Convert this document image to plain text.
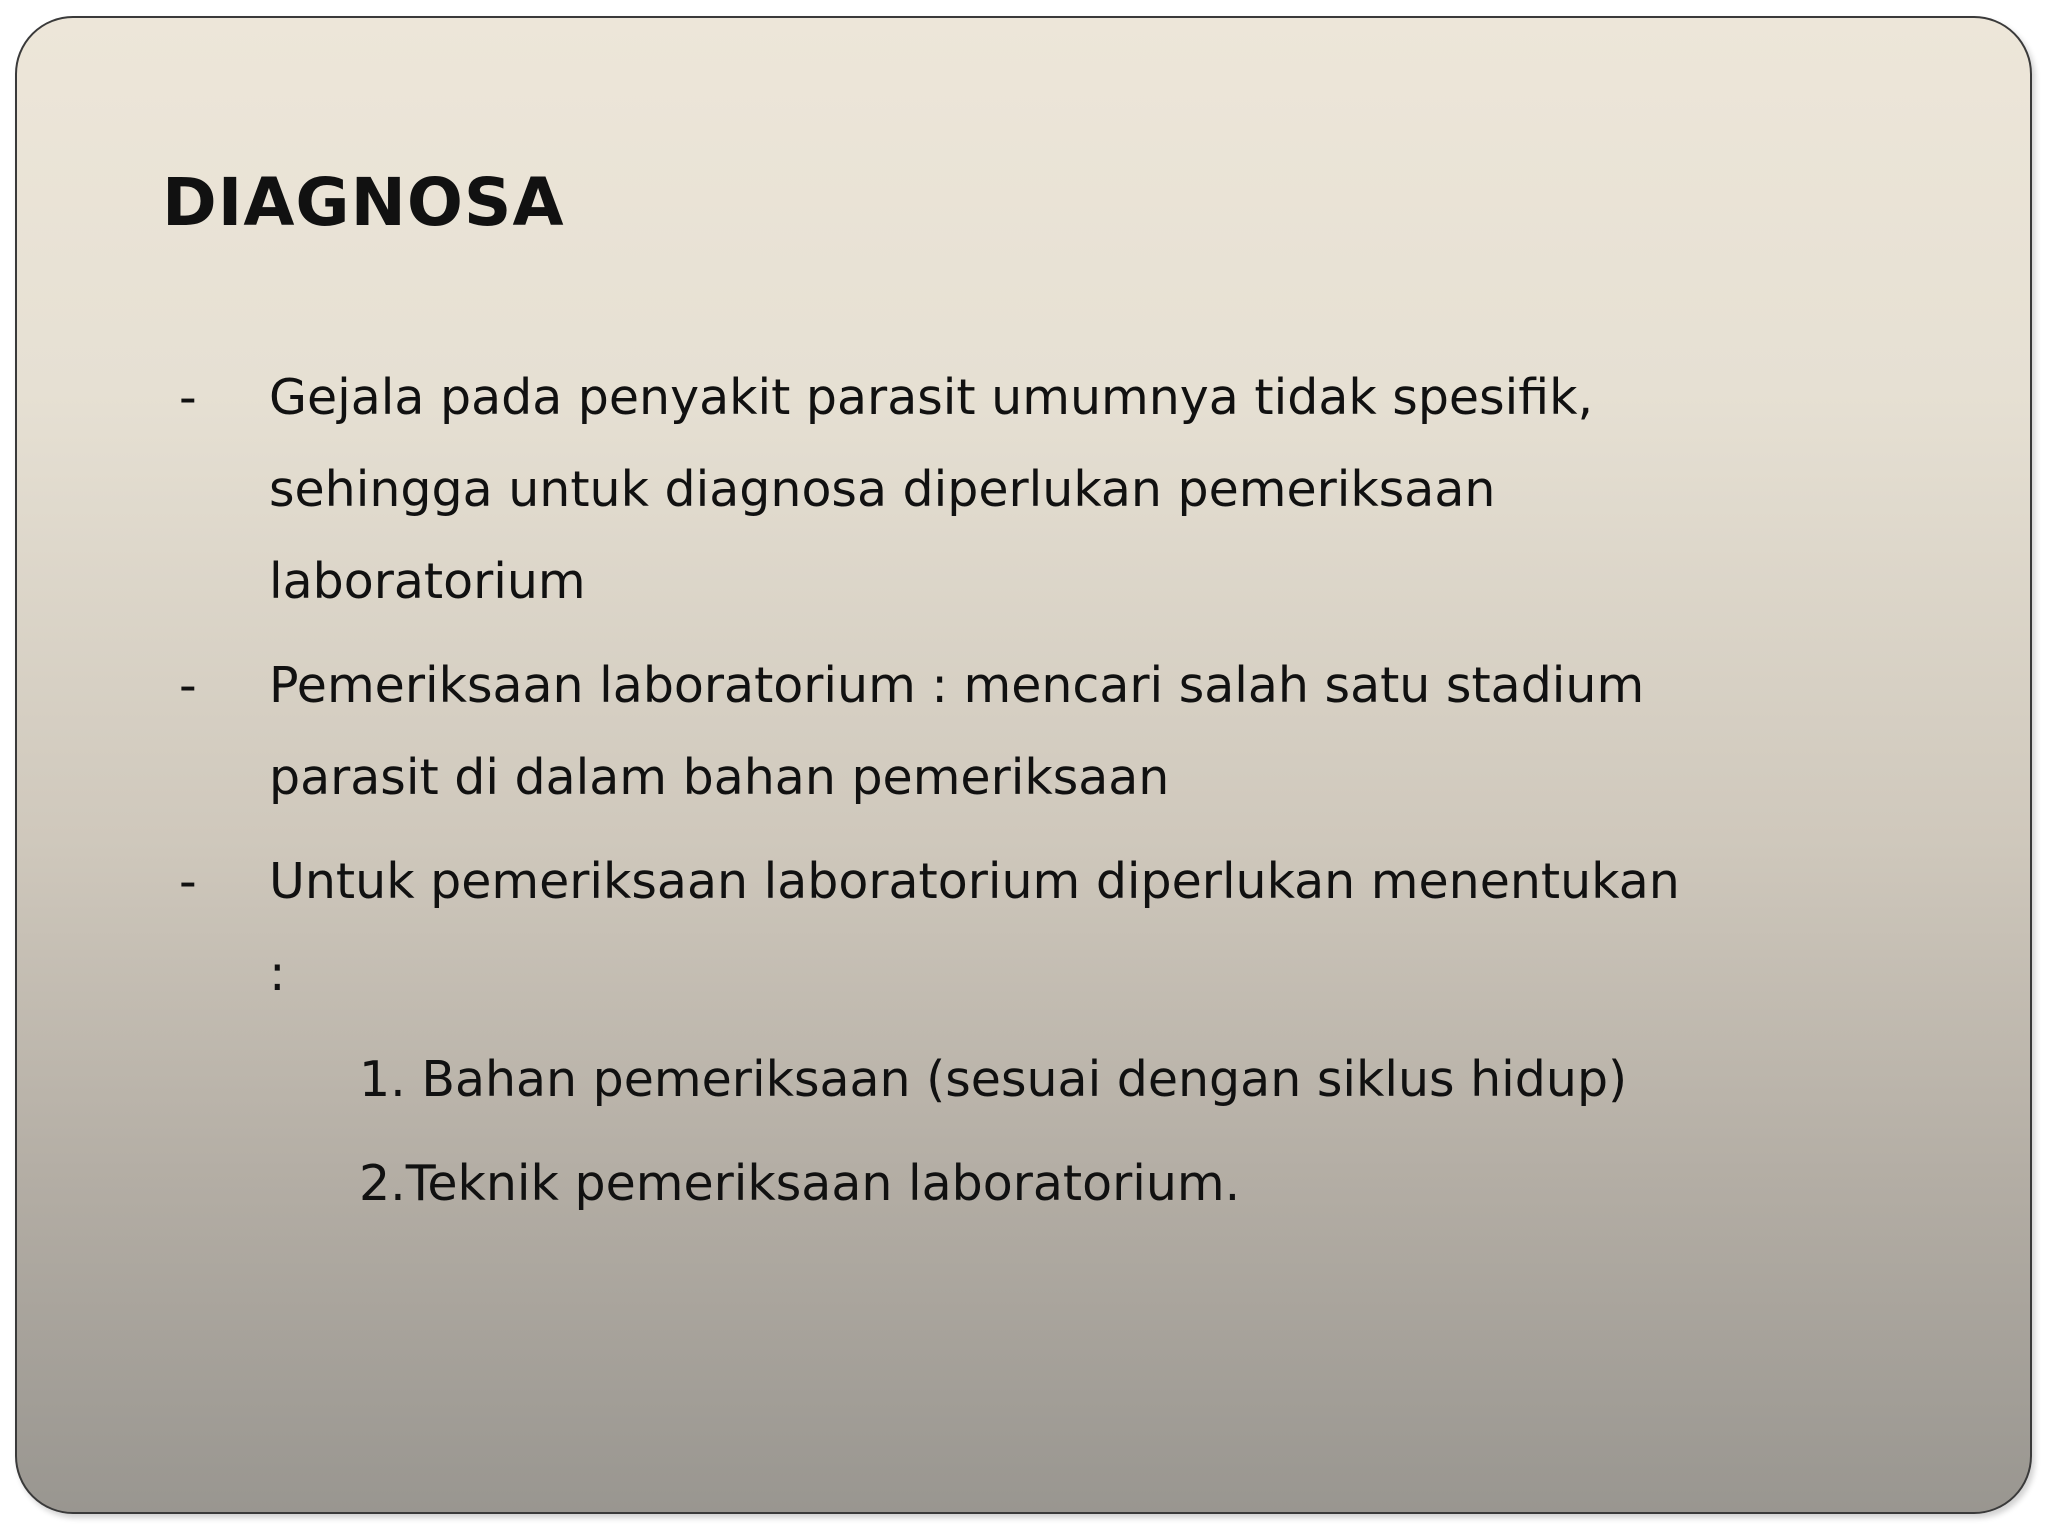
DIAGNOSA
-	Gejala pada penyakit parasit umumnya tidak spesifik, sehingga untuk diagnosa diperlukan pemeriksaan laboratorium
-	Pemeriksaan laboratorium : mencari salah satu stadium parasit di dalam bahan pemeriksaan
-	Untuk pemeriksaan laboratorium diperlukan menentukan :
1. Bahan pemeriksaan (sesuai dengan siklus hidup)
2.Teknik pemeriksaan laboratorium.
